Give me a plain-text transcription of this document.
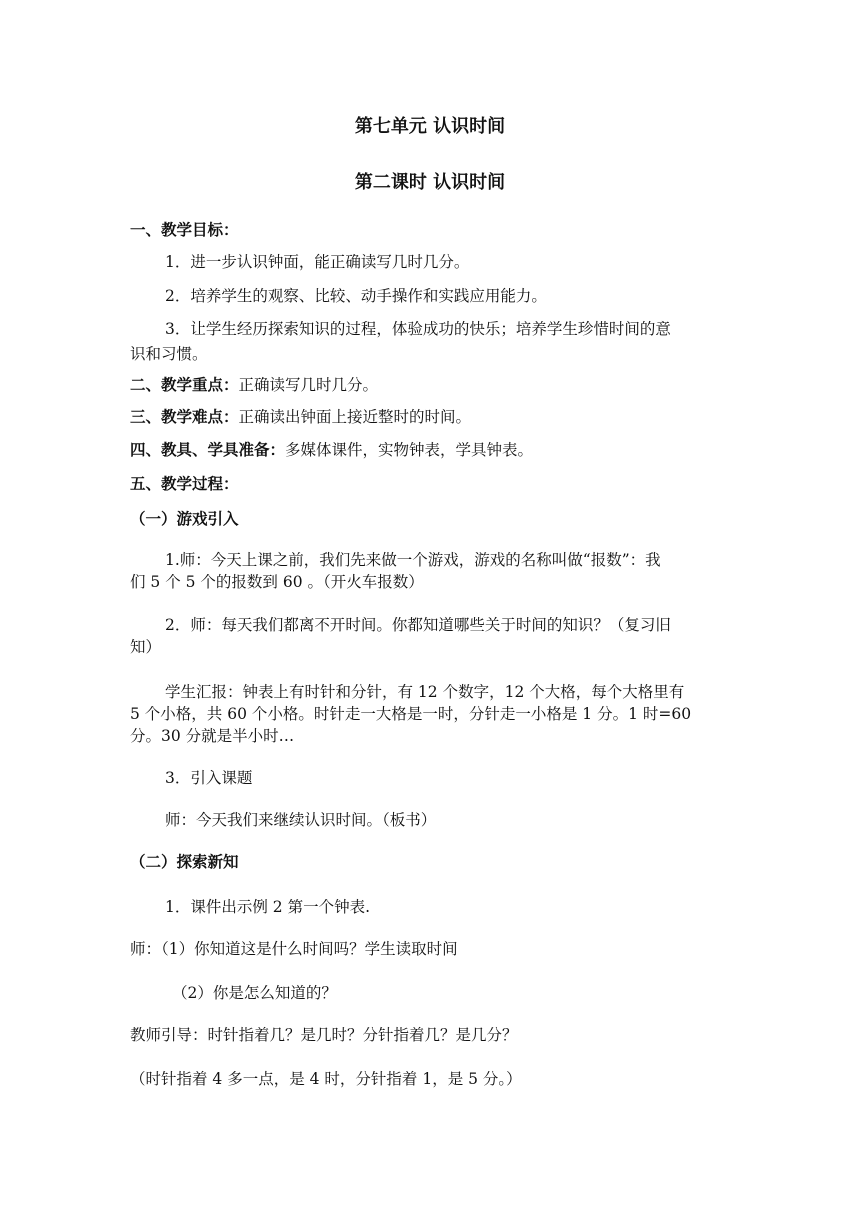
第七单元 认识时间
第二课时 认识时间
一、教学目标：
1．进一步认识钟面，能正确读写几时几分。
2．培养学生的观察、比较、动手操作和实践应用能力。
3．让学生经历探索知识的过程，体验成功的快乐；培养学生珍惜时间的意
识和习惯。
二、教学重点：正确读写几时几分。
三、教学难点：正确读出钟面上接近整时的时间。
四、教具、学具准备：多媒体课件，实物钟表，学具钟表。
五、教学过程：
（一）游戏引入
1.师：今天上课之前，我们先来做一个游戏，游戏的名称叫做“报数”：我
们 5 个 5 个的报数到 60 。（开火车报数）
2．师：每天我们都离不开时间。你都知道哪些关于时间的知识？（复习旧
知）
学生汇报：钟表上有时针和分针，有 12 个数字，12 个大格，每个大格里有
5 个小格，共 60 个小格。时针走一大格是一时，分针走一小格是 1 分。1 时=60
分。30 分就是半小时…
3．引入课题
师：今天我们来继续认识时间。（板书）
（二）探索新知
1．课件出示例 2 第一个钟表.
师：（1）你知道这是什么时间吗？学生读取时间
（2）你是怎么知道的？
教师引导：时针指着几？是几时？分针指着几？是几分？
（时针指着 4 多一点，是 4 时，分针指着 1，是 5 分。）
